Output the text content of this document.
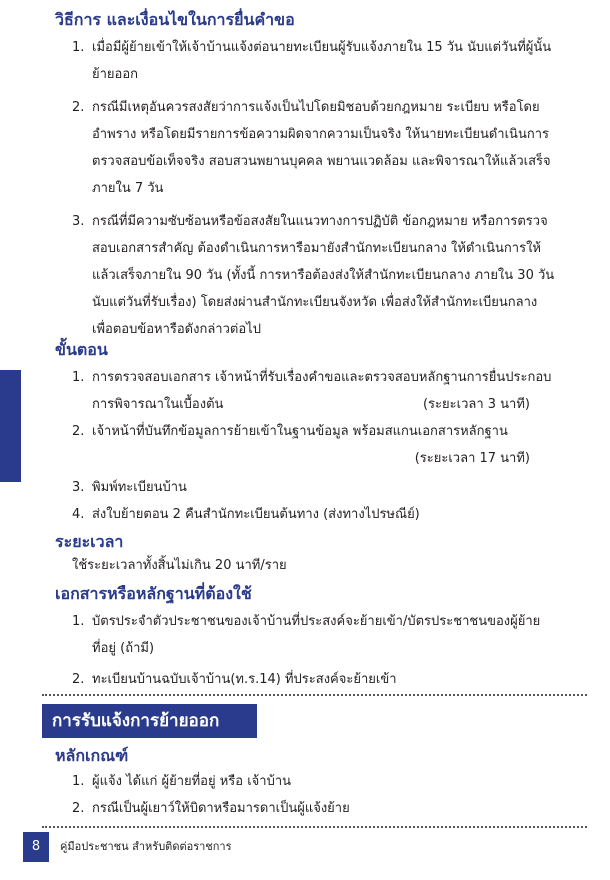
วิธีการ และเงื่อนไขในการยื่นคำขอ
1. เมื่อมีผู้ย้ายเข้าให้เจ้าบ้านแจ้งต่อนายทะเบียนผู้รับแจ้งภายใน 15 วัน นับแต่วันที่ผู้นั้น
ย้ายออก
2. กรณีมีเหตุอันควรสงสัยว่าการแจ้งเป็นไปโดยมิชอบด้วยกฎหมาย ระเบียบ หรือโดย
อำพราง หรือโดยมีรายการข้อความผิดจากความเป็นจริง ให้นายทะเบียนดำเนินการ
ตรวจสอบข้อเท็จจริง สอบสวนพยานบุคคล พยานแวดล้อม และพิจารณาให้แล้วเสร็จ
ภายใน 7 วัน
3. กรณีที่มีความซับซ้อนหรือข้อสงสัยในแนวทางการปฏิบัติ ข้อกฎหมาย หรือการตรวจ
สอบเอกสารสำคัญ ต้องดำเนินการหารือมายังสำนักทะเบียนกลาง ให้ดำเนินการให้
แล้วเสร็จภายใน 90 วัน (ทั้งนี้ การหารือต้องส่งให้สำนักทะเบียนกลาง ภายใน 30 วัน
นับแต่วันที่รับเรื่อง) โดยส่งผ่านสำนักทะเบียนจังหวัด เพื่อส่งให้สำนักทะเบียนกลาง
เพื่อตอบข้อหารือดังกล่าวต่อไป
ขั้นตอน
1. การตรวจสอบเอกสาร เจ้าหน้าที่รับเรื่องคำขอและตรวจสอบหลักฐานการยื่นประกอบ
การพิจารณาในเบื้องต้น	(ระยะเวลา 3 นาที)
2. เจ้าหน้าที่บันทึกข้อมูลการย้ายเข้าในฐานข้อมูล พร้อมสแกนเอกสารหลักฐาน
(ระยะเวลา 17 นาที)
3. พิมพ์ทะเบียนบ้าน
4. ส่งใบย้ายตอน 2 คืนสำนักทะเบียนต้นทาง (ส่งทางไปรษณีย์)
ระยะเวลา
ใช้ระยะเวลาทั้งสิ้นไม่เกิน 20 นาที/ราย
เอกสารหรือหลักฐานที่ต้องใช้
1. บัตรประจำตัวประชาชนของเจ้าบ้านที่ประสงค์จะย้ายเข้า/บัตรประชาชนของผู้ย้าย
ที่อยู่ (ถ้ามี)
2. ทะเบียนบ้านฉบับเจ้าบ้าน(ท.ร.14) ที่ประสงค์จะย้ายเข้า
การรับแจ้งการย้ายออก
หลักเกณฑ์
1. ผู้แจ้ง ได้แก่ ผู้ย้ายที่อยู่ หรือ เจ้าบ้าน
2. กรณีเป็นผู้เยาว์ให้บิดาหรือมารดาเป็นผู้แจ้งย้าย
8	คู่มือประชาชน สำหรับติดต่อราชการ
